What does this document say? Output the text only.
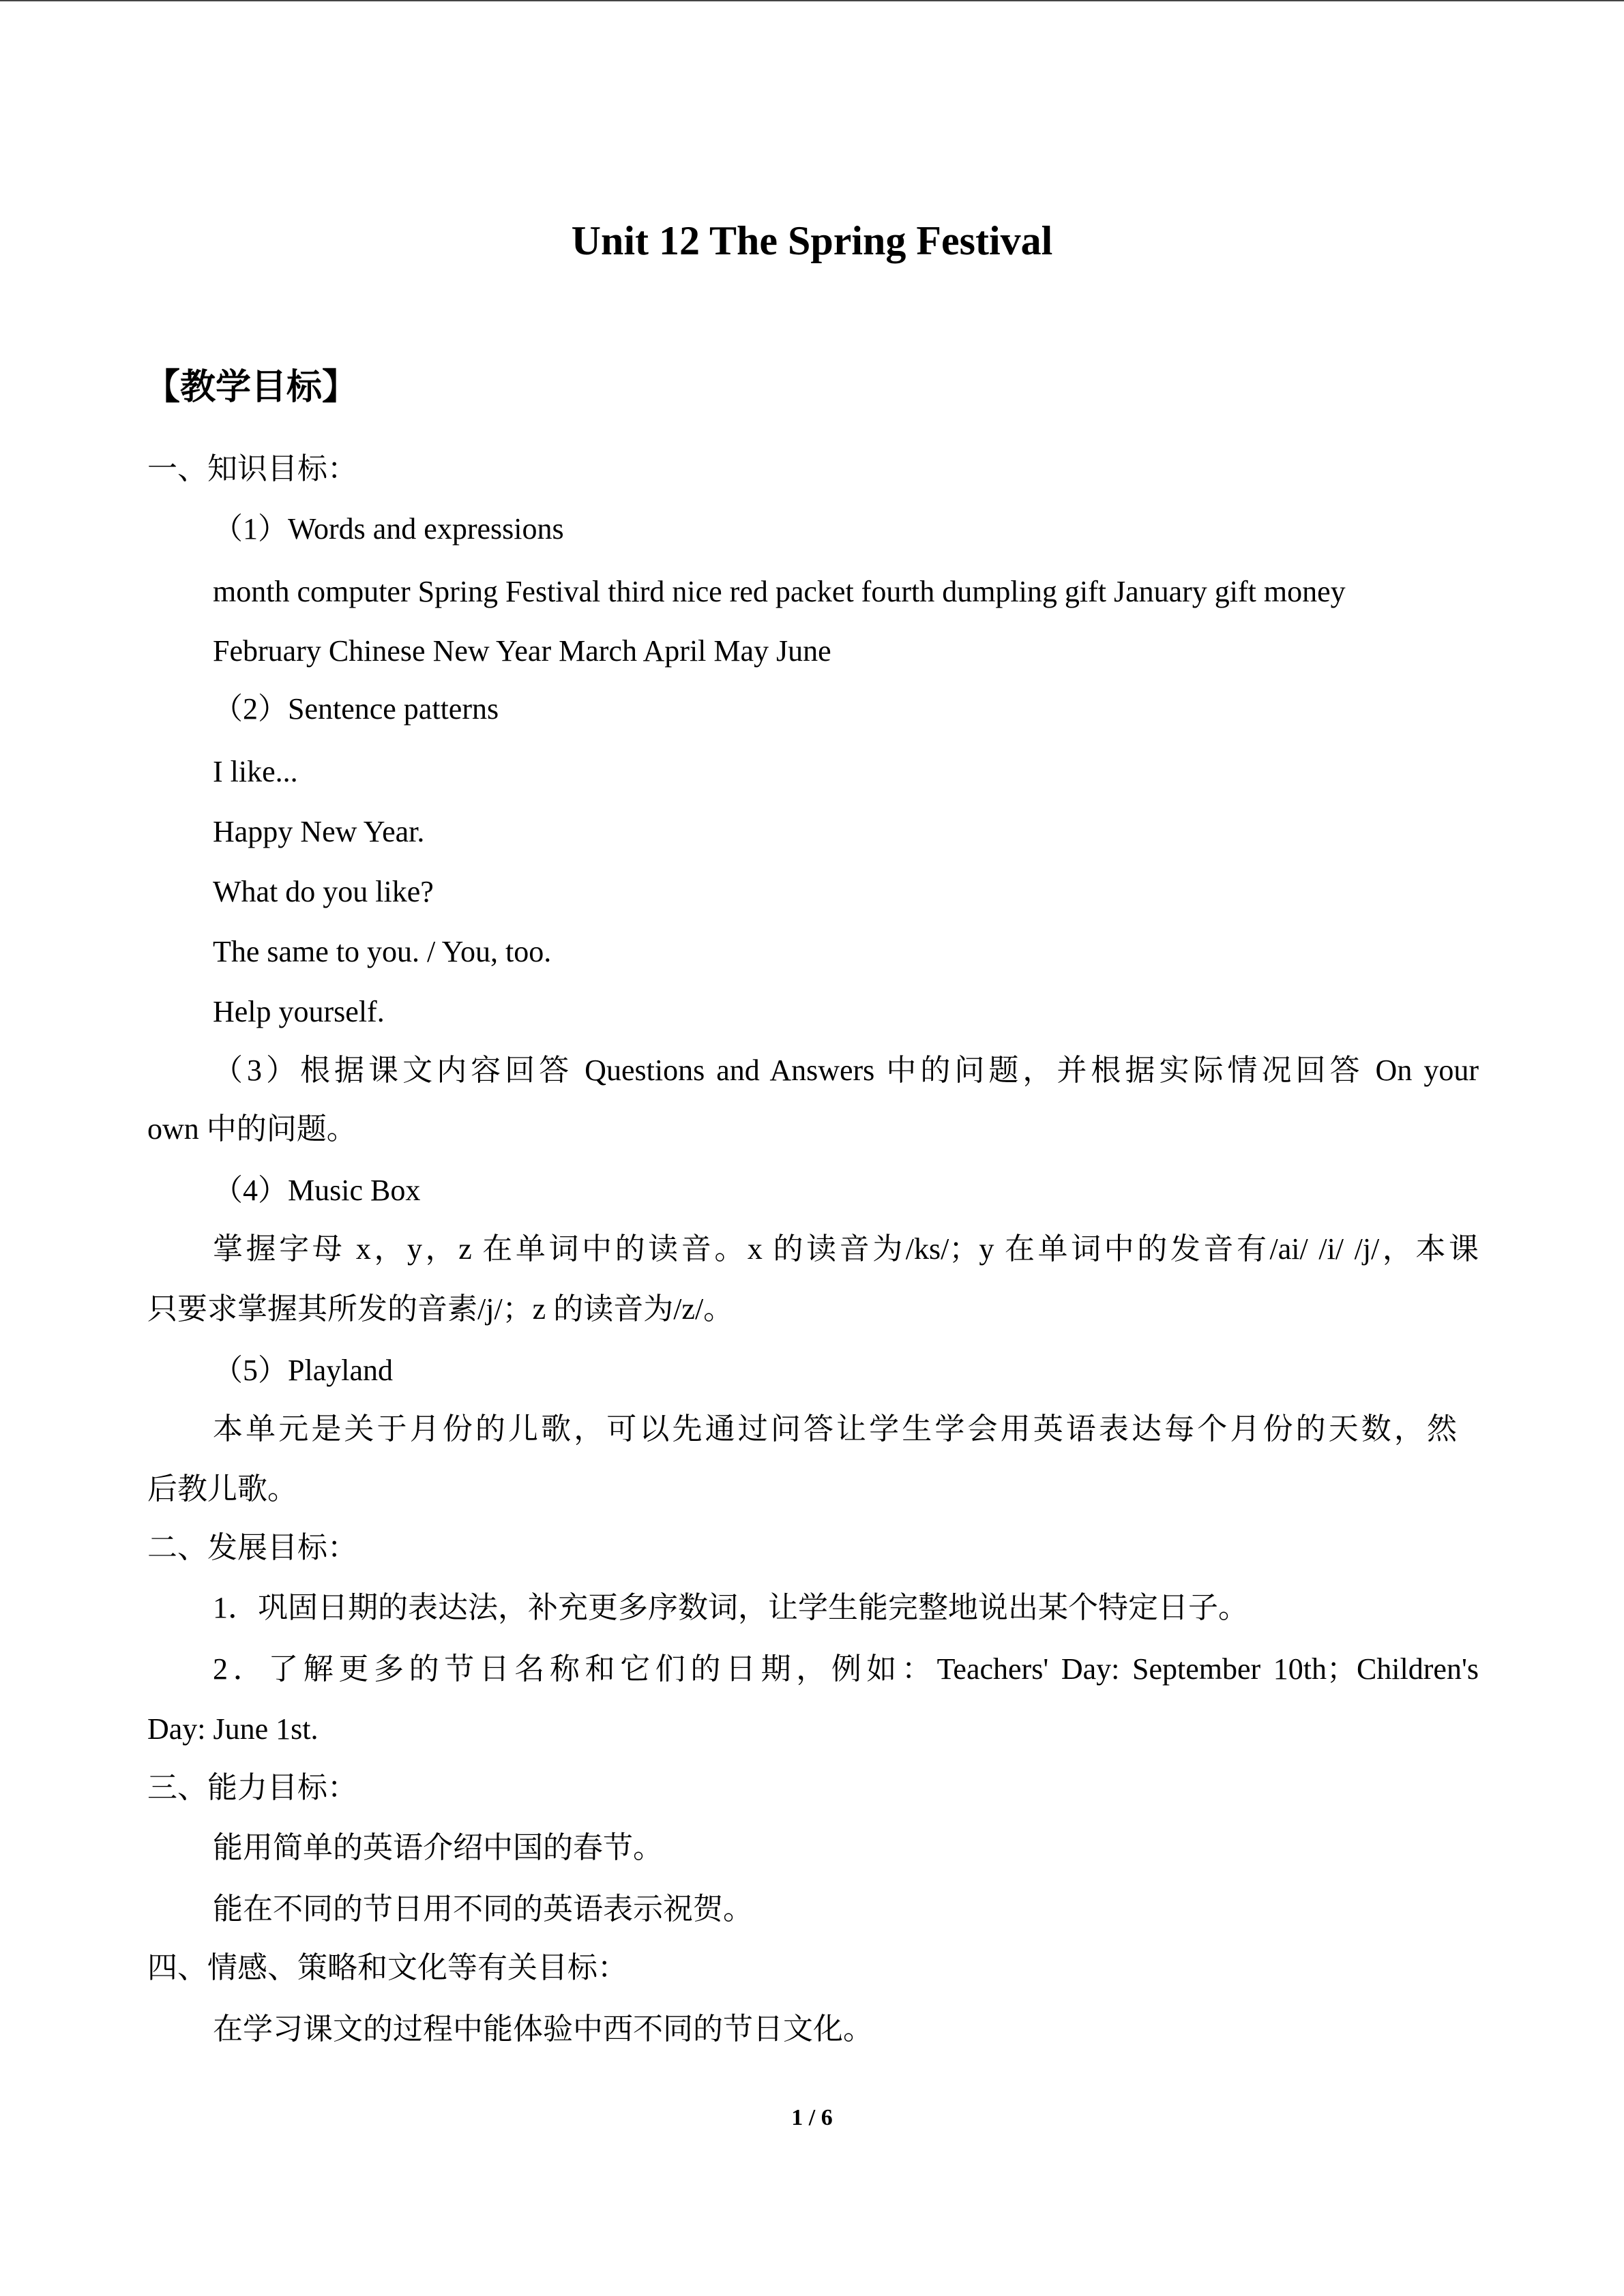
Unit 12 The Spring Festival
【教学目标】
一、知识目标：
（1）Words and expressions
month computer Spring Festival third nice red packet fourth dumpling gift January gift money
February Chinese New Year March April May June
（2）Sentence patterns
I like...
Happy New Year.
What do you like?
The same to you. / You, too.
Help yourself.
（3）根据课文内容回答 Questions and Answers 中的问题，并根据实际情况回答 On your
own 中的问题。
（4）Music Box
掌握字母 x，y，z 在单词中的读音。x 的读音为/ks/；y 在单词中的发音有/ai/ /i/ /j/，本课
只要求掌握其所发的音素/j/；z 的读音为/z/。
（5）Playland
本单元是关于月份的儿歌，可以先通过问答让学生学会用英语表达每个月份的天数，然
后教儿歌。
二、发展目标：
1．巩固日期的表达法，补充更多序数词，让学生能完整地说出某个特定日子。
2．了解更多的节日名称和它们的日期，例如：Teachers' Day: September 10th；Children's
Day: June 1st.
三、能力目标：
能用简单的英语介绍中国的春节。
能在不同的节日用不同的英语表示祝贺。
四、情感、策略和文化等有关目标：
在学习课文的过程中能体验中西不同的节日文化。
1 / 6
